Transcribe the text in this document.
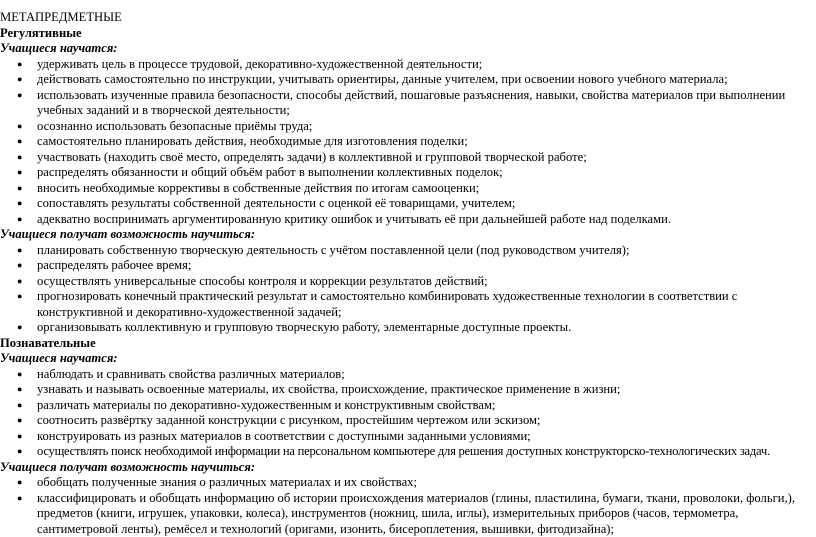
МЕТАПРЕДМЕТНЫЕ
Регулятивные
Учащиеся научатся:
● удерживать цель в процессе трудовой, декоративно-художественной деятельности;
● действовать самостоятельно по инструкции, учитывать ориентиры, данные учителем, при освоении нового учебного материала;
● использовать изученные правила безопасности, способы действий, пошаговые разъяснения, навыки, свойства материалов при выполнении учебных заданий и в творческой деятельности;
● осознанно использовать безопасные приёмы труда;
● самостоятельно планировать действия, необходимые для изготовления поделки;
● участвовать (находить своё место, определять задачи) в коллективной и групповой творческой работе;
● распределять обязанности и общий объём работ в выполнении коллективных поделок;
● вносить необходимые коррективы в собственные действия по итогам самооценки;
● сопоставлять результаты собственной деятельности с оценкой её товарищами, учителем;
● адекватно воспринимать аргументированную критику ошибок и учитывать её при дальнейшей работе над поделками.
Учащиеся получат возможность научиться:
● планировать собственную творческую деятельность с учётом поставленной цели (под руководством учителя);
● распределять рабочее время;
● осуществлять универсальные способы контроля и коррекции результатов действий;
● прогнозировать конечный практический результат и самостоятельно комбинировать художественные технологии в соответствии с конструктивной и декоративно-художественной задачей;
● организовывать коллективную и групповую творческую работу, элементарные доступные проекты.
Познавательные
Учащиеся научатся:
● наблюдать и сравнивать свойства различных материалов;
● узнавать и называть освоенные материалы, их свойства, происхождение, практическое применение в жизни;
● различать материалы по декоративно-художественным и конструктивным свойствам;
● соотносить развёртку заданной конструкции с рисунком, простейшим чертежом или эскизом;
● конструировать из разных материалов в соответствии с доступными заданными условиями;
● осуществлять поиск необходимой информации на персональном компьютере для решения доступных конструкторско-технологических задач.
Учащиеся получат возможность научиться:
● обобщать полученные знания о различных материалах и их свойствах;
● классифицировать и обобщать информацию об истории происхождения материалов (глины, пластилина, бумаги, ткани, проволоки, фольги,), предметов (книги, игрушек, упаковки, колеса), инструментов (ножниц, шила, иглы), измерительных приборов (часов, термометра, сантиметровой ленты), ремёсел и технологий (оригами, изонить, бисероплетения, вышивки, фитодизайна);
